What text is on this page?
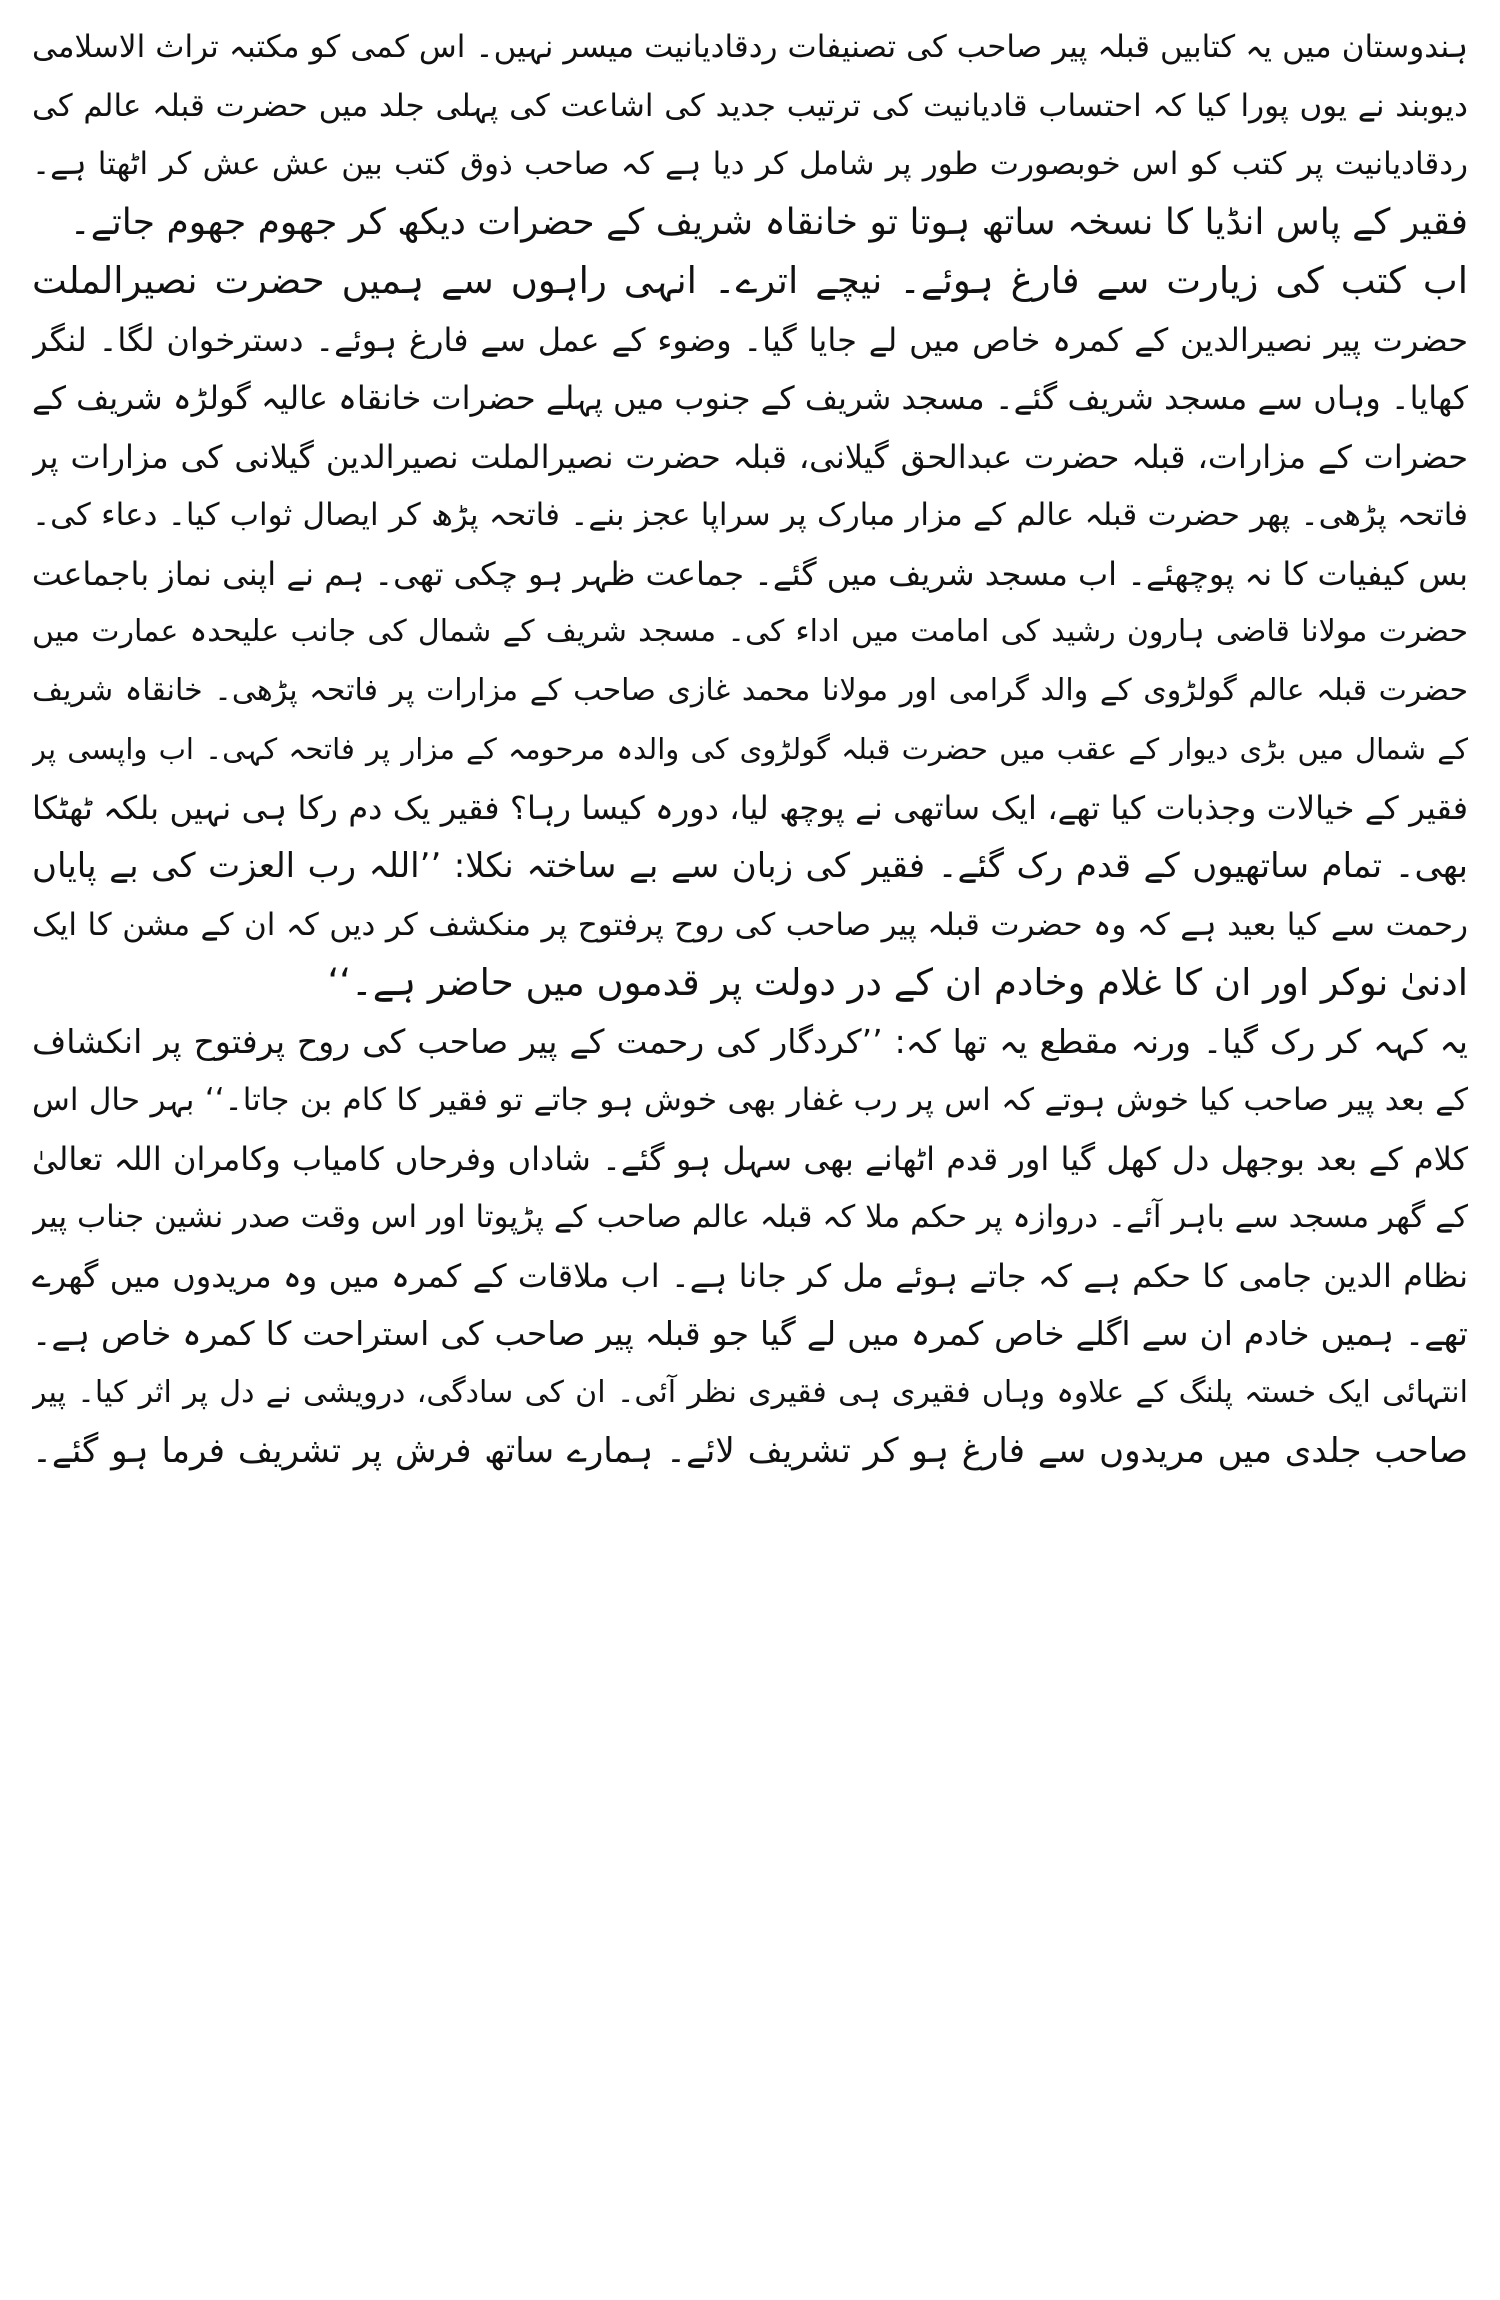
ہندوستان میں یہ کتابیں قبلہ پیر صاحب کی تصنیفات ردقادیانیت میسر نہیں۔ اس کمی کو مکتبہ تراث الاسلامی
دیوبند نے یوں پورا کیا کہ احتساب قادیانیت کی ترتیب جدید کی اشاعت کی پہلی جلد میں حضرت قبلہ عالم کی
ردقادیانیت پر کتب کو اس خوبصورت طور پر شامل کر دیا ہے کہ صاحب ذوق کتب بین عش عش کر اٹھتا ہے۔
فقیر کے پاس انڈیا کا نسخہ ساتھ ہوتا تو خانقاہ شریف کے حضرات دیکھ کر جھوم جھوم جاتے۔
اب کتب کی زیارت سے فارغ ہوئے۔ نیچے اترے۔ انہی راہوں سے ہمیں حضرت نصیرالملت
حضرت پیر نصیرالدین کے کمرہ خاص میں لے جایا گیا۔ وضوء کے عمل سے فارغ ہوئے۔ دسترخوان لگا۔ لنگر
کھایا۔ وہاں سے مسجد شریف گئے۔ مسجد شریف کے جنوب میں پہلے حضرات خانقاہ عالیہ گولڑہ شریف کے
حضرات کے مزارات، قبلہ حضرت عبدالحق گیلانی، قبلہ حضرت نصیرالملت نصیرالدین گیلانی کی مزارات پر
فاتحہ پڑھی۔ پھر حضرت قبلہ عالم کے مزار مبارک پر سراپا عجز بنے۔ فاتحہ پڑھ کر ایصال ثواب کیا۔ دعاء کی۔
بس کیفیات کا نہ پوچھئے۔ اب مسجد شریف میں گئے۔ جماعت ظہر ہو چکی تھی۔ ہم نے اپنی نماز باجماعت
حضرت مولانا قاضی ہارون رشید کی امامت میں اداء کی۔ مسجد شریف کے شمال کی جانب علیحدہ عمارت میں
حضرت قبلہ عالم گولڑوی کے والد گرامی اور مولانا محمد غازی صاحب کے مزارات پر فاتحہ پڑھی۔ خانقاہ شریف
کے شمال میں بڑی دیوار کے عقب میں حضرت قبلہ گولڑوی کی والدہ مرحومہ کے مزار پر فاتحہ کہی۔ اب واپسی پر
فقیر کے خیالات وجذبات کیا تھے، ایک ساتھی نے پوچھ لیا، دورہ کیسا رہا؟ فقیر یک دم رکا ہی نہیں بلکہ ٹھٹکا
بھی۔ تمام ساتھیوں کے قدم رک گئے۔ فقیر کی زبان سے بے ساختہ نکلا: ’’اللہ رب العزت کی بے پایاں
رحمت سے کیا بعید ہے کہ وہ حضرت قبلہ پیر صاحب کی روح پرفتوح پر منکشف کر دیں کہ ان کے مشن کا ایک
ادنیٰ نوکر اور ان کا غلام وخادم ان کے در دولت پر قدموں میں حاضر ہے۔‘‘
یہ کہہ کر رک گیا۔ ورنہ مقطع یہ تھا کہ: ’’کردگار کی رحمت کے پیر صاحب کی روح پرفتوح پر انکشاف
کے بعد پیر صاحب کیا خوش ہوتے کہ اس پر رب غفار بھی خوش ہو جاتے تو فقیر کا کام بن جاتا۔‘‘ بہر حال اس
کلام کے بعد بوجھل دل کھل گیا اور قدم اٹھانے بھی سہل ہو گئے۔ شاداں وفرحاں کامیاب وکامران اللہ تعالیٰ
کے گھر مسجد سے باہر آئے۔ دروازہ پر حکم ملا کہ قبلہ عالم صاحب کے پڑپوتا اور اس وقت صدر نشین جناب پیر
نظام الدین جامی کا حکم ہے کہ جاتے ہوئے مل کر جانا ہے۔ اب ملاقات کے کمرہ میں وہ مریدوں میں گھرے
تھے۔ ہمیں خادم ان سے اگلے خاص کمرہ میں لے گیا جو قبلہ پیر صاحب کی استراحت کا کمرہ خاص ہے۔
انتہائی ایک خستہ پلنگ کے علاوہ وہاں فقیری ہی فقیری نظر آئی۔ ان کی سادگی، درویشی نے دل پر اثر کیا۔ پیر
صاحب جلدی میں مریدوں سے فارغ ہو کر تشریف لائے۔ ہمارے ساتھ فرش پر تشریف فرما ہو گئے۔
